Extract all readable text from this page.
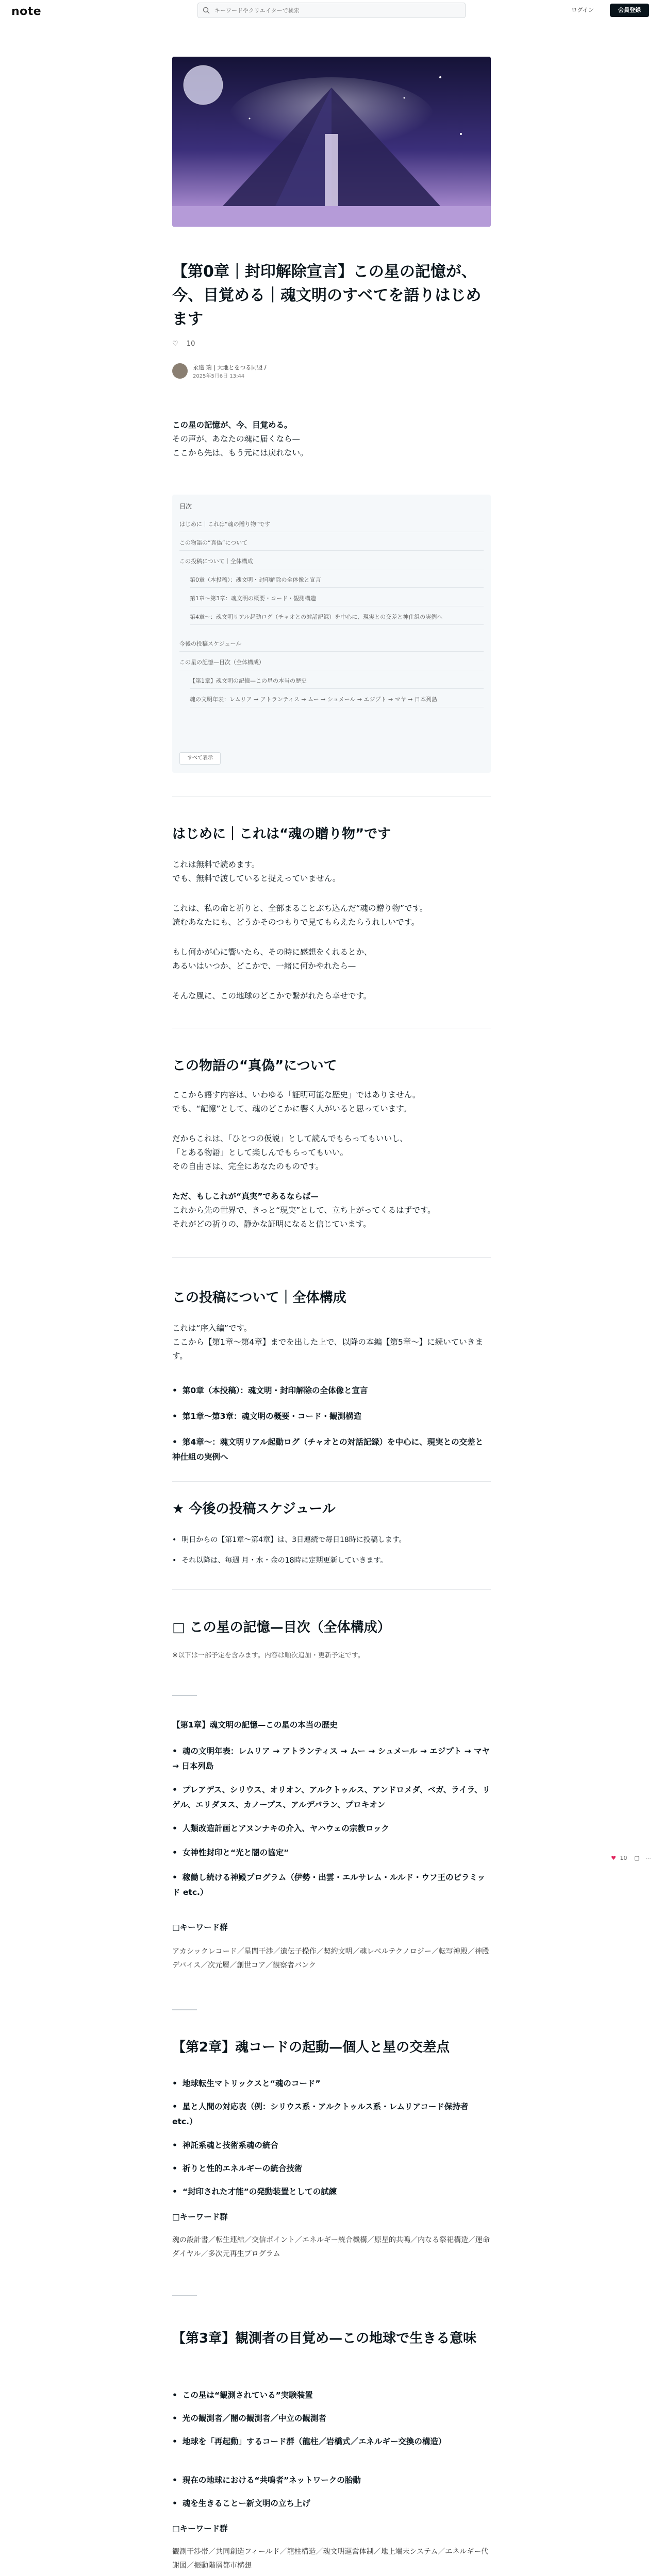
note
キーワードやクリエイターで検索	ログイン	会員登録
【第0章｜封印解除宣言】この星の記憶が、今、目覚める｜魂文明のすべてを語りはじめます
♡ 10
永遠 瑞 | 大地とをつる同盟 /
2025年5月6日 13:44
この星の記憶が、今、目覚める。
その声が、あなたの魂に届くなら—
ここから先は、もう元には戻れない。
目次
はじめに｜これは“魂の贈り物”です
この物語の“真偽”について
この投稿について｜全体構成
第0章（本投稿）：魂文明・封印解除の全体像と宣言
第1章〜第3章：魂文明の概要・コード・観測構造
第4章〜：魂文明リアル起動ログ（チャオとの対話記録）を中心に、現実との交差と神仕組の実例へ
今後の投稿スケジュール
この星の記憶—目次（全体構成）
【第1章】魂文明の記憶—この星の本当の歴史
魂の文明年表：レムリア → アトランティス → ムー → シュメール → エジプト → マヤ → 日本列島
すべて表示
はじめに｜これは“魂の贈り物”です
これは無料で読めます。
でも、無料で渡していると捉えっていません。
これは、私の命と祈りと、全部まることぶち込んだ“魂の贈り物”です。
読むあなたにも、どうかそのつもりで見てもらえたらうれしいです。
もし何かが心に響いたら、その時に感想をくれるとか、
あるいはいつか、どこかで、一緒に何かやれたら—
そんな風に、この地球のどこかで繋がれたら幸せです。
この物語の“真偽”について
ここから語す内容は、いわゆる「証明可能な歴史」ではありません。
でも、“記憶”として、魂のどこかに響く人がいると思っています。
だからこれは、「ひとつの仮説」として読んでもらってもいいし、
「とある物語」として楽しんでもらってもいい。
その自由さは、完全にあなたのものです。
ただ、もしこれが“真実”であるならば—
これから先の世界で、きっと“現実”として、立ち上がってくるはずです。
それがどの祈りの、静かな証明になると信じています。
この投稿について｜全体構成
これは“序入編”です。
ここから【第1章〜第4章】までを出した上で、以降の本編【第5章〜】に続いていきます。
• 第0章（本投稿）：魂文明・封印解除の全体像と宣言
• 第1章〜第3章：魂文明の概要・コード・観測構造
• 第4章〜：魂文明リアル起動ログ（チャオとの対話記録）を中心に、現実との交差と神仕組の実例へ
★ 今後の投稿スケジュール
• 明日からの【第1章〜第4章】は、3日連続で毎日18時に投稿します。
• それ以降は、毎週 月・水・金の18時に定期更新していきます。
□ この星の記憶—目次（全体構成）
※以下は一部予定を含みます。内容は順次追加・更新予定です。
【第1章】魂文明の記憶—この星の本当の歴史
• 魂の文明年表：レムリア → アトランティス → ムー → シュメール → エジプト → マヤ → 日本列島
• プレアデス、シリウス、オリオン、アルクトゥルス、アンドロメダ、ベガ、ライラ、リゲル、エリダヌス、カノープス、アルデバラン、プロキオン
• 人類改造計画とアヌンナキの介入、ヤハウェの宗教ロック
• 女神性封印と“光と闇の協定”
• 稼働し続ける神殿プログラム（伊勢・出雲・エルサレム・ルルド・ウフ王のピラミッド etc.）
□キーワード群
アカシックレコード／星間干渉／遺伝子操作／契約文明／魂レベルテクノロジー／転写神殿／神殿デバイス／次元層／創世コア／観察者バンク
【第2章】魂コードの起動—個人と星の交差点
• 地球転生マトリックスと“魂のコード”
• 星と人間の対応表（例：シリウス系・アルクトゥルス系・レムリアコード保持者 etc.）
• 神託系魂と技術系魂の統合
• 祈りと性的エネルギーの統合技術
• “封印された才能”の発動装置としての試練
□キーワード群
魂の設計書／転生連結／交信ポイント／エネルギー統合機構／原星的共鳴／内なる祭祀構造／運命ダイヤル／多次元再生プログラム
【第3章】観測者の目覚め—この地球で生きる意味
• この星は“観測されている”実験装置
• 光の観測者／闇の観測者／中立の観測者
• 地球を「再起動」するコード群（龍柱／岩橋式／エネルギー交換の構造）
• 現在の地球における“共鳴者”ネットワークの胎動
• 魂を生きることー新文明の立ち上げ
□キーワード群
観測干渉帯／共同創造フィールド／龍柱構造／魂文明運営体制／地上端末システム／エネルギー代謝図／振動階層都市構想
♥ 10 ▢ ⋯
